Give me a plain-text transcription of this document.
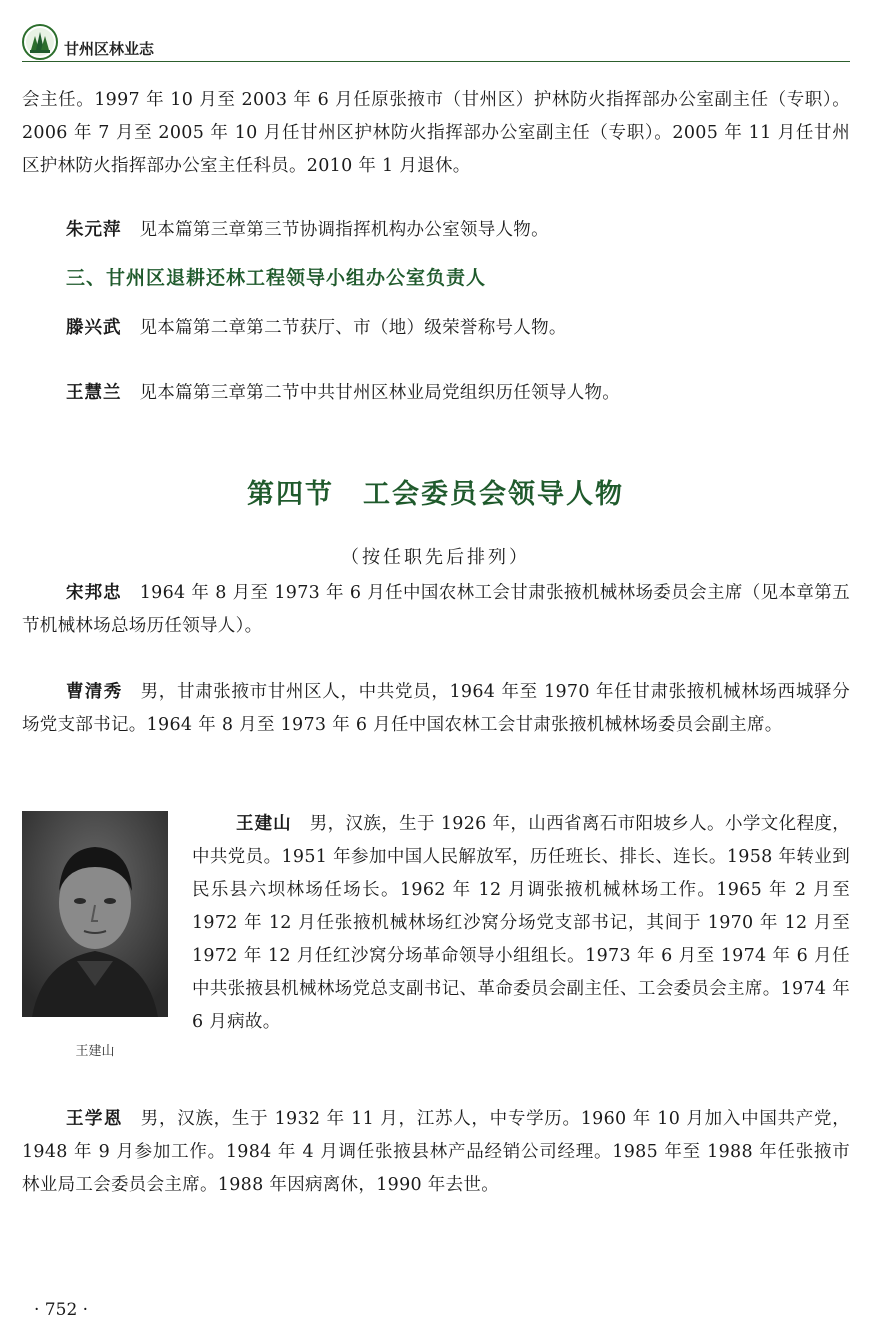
甘州区林业志

会主任。1997 年 10 月至 2003 年 6 月任原张掖市（甘州区）护林防火指挥部办公室副主任（专职）。2006 年 7 月至 2005 年 10 月任甘州区护林防火指挥部办公室副主任（专职）。2005 年 11 月任甘州区护林防火指挥部办公室主任科员。2010 年 1 月退休。

朱元萍 见本篇第三章第三节协调指挥机构办公室领导人物。

三、甘州区退耕还林工程领导小组办公室负责人

滕兴武 见本篇第二章第二节获厅、市（地）级荣誉称号人物。

王慧兰 见本篇第三章第二节中共甘州区林业局党组织历任领导人物。

第四节　工会委员会领导人物
（按任职先后排列）

宋邦忠 1964 年 8 月至 1973 年 6 月任中国农林工会甘肃张掖机械林场委员会主席（见本章第五节机械林场总场历任领导人）。

曹清秀 男，甘肃张掖市甘州区人，中共党员，1964 年至 1970 年任甘肃张掖机械林场西城驿分场党支部书记。1964 年 8 月至 1973 年 6 月任中国农林工会甘肃张掖机械林场委员会副主席。

王建山

王建山 男，汉族，生于 1926 年，山西省离石市阳坡乡人。小学文化程度，中共党员。1951 年参加中国人民解放军，历任班长、排长、连长。1958 年转业到民乐县六坝林场任场长。1962 年 12 月调张掖机械林场工作。1965 年 2 月至 1972 年 12 月任张掖机械林场红沙窝分场党支部书记，其间于 1970 年 12 月至 1972 年 12 月任红沙窝分场革命领导小组组长。1973 年 6 月至 1974 年 6 月任中共张掖县机械林场党总支副书记、革命委员会副主任、工会委员会主席。1974 年 6 月病故。

王学恩 男，汉族，生于 1932 年 11 月，江苏人，中专学历。1960 年 10 月加入中国共产党，1948 年 9 月参加工作。1984 年 4 月调任张掖县林产品经销公司经理。1985 年至 1988 年任张掖市林业局工会委员会主席。1988 年因病离休，1990 年去世。

· 752 ·
